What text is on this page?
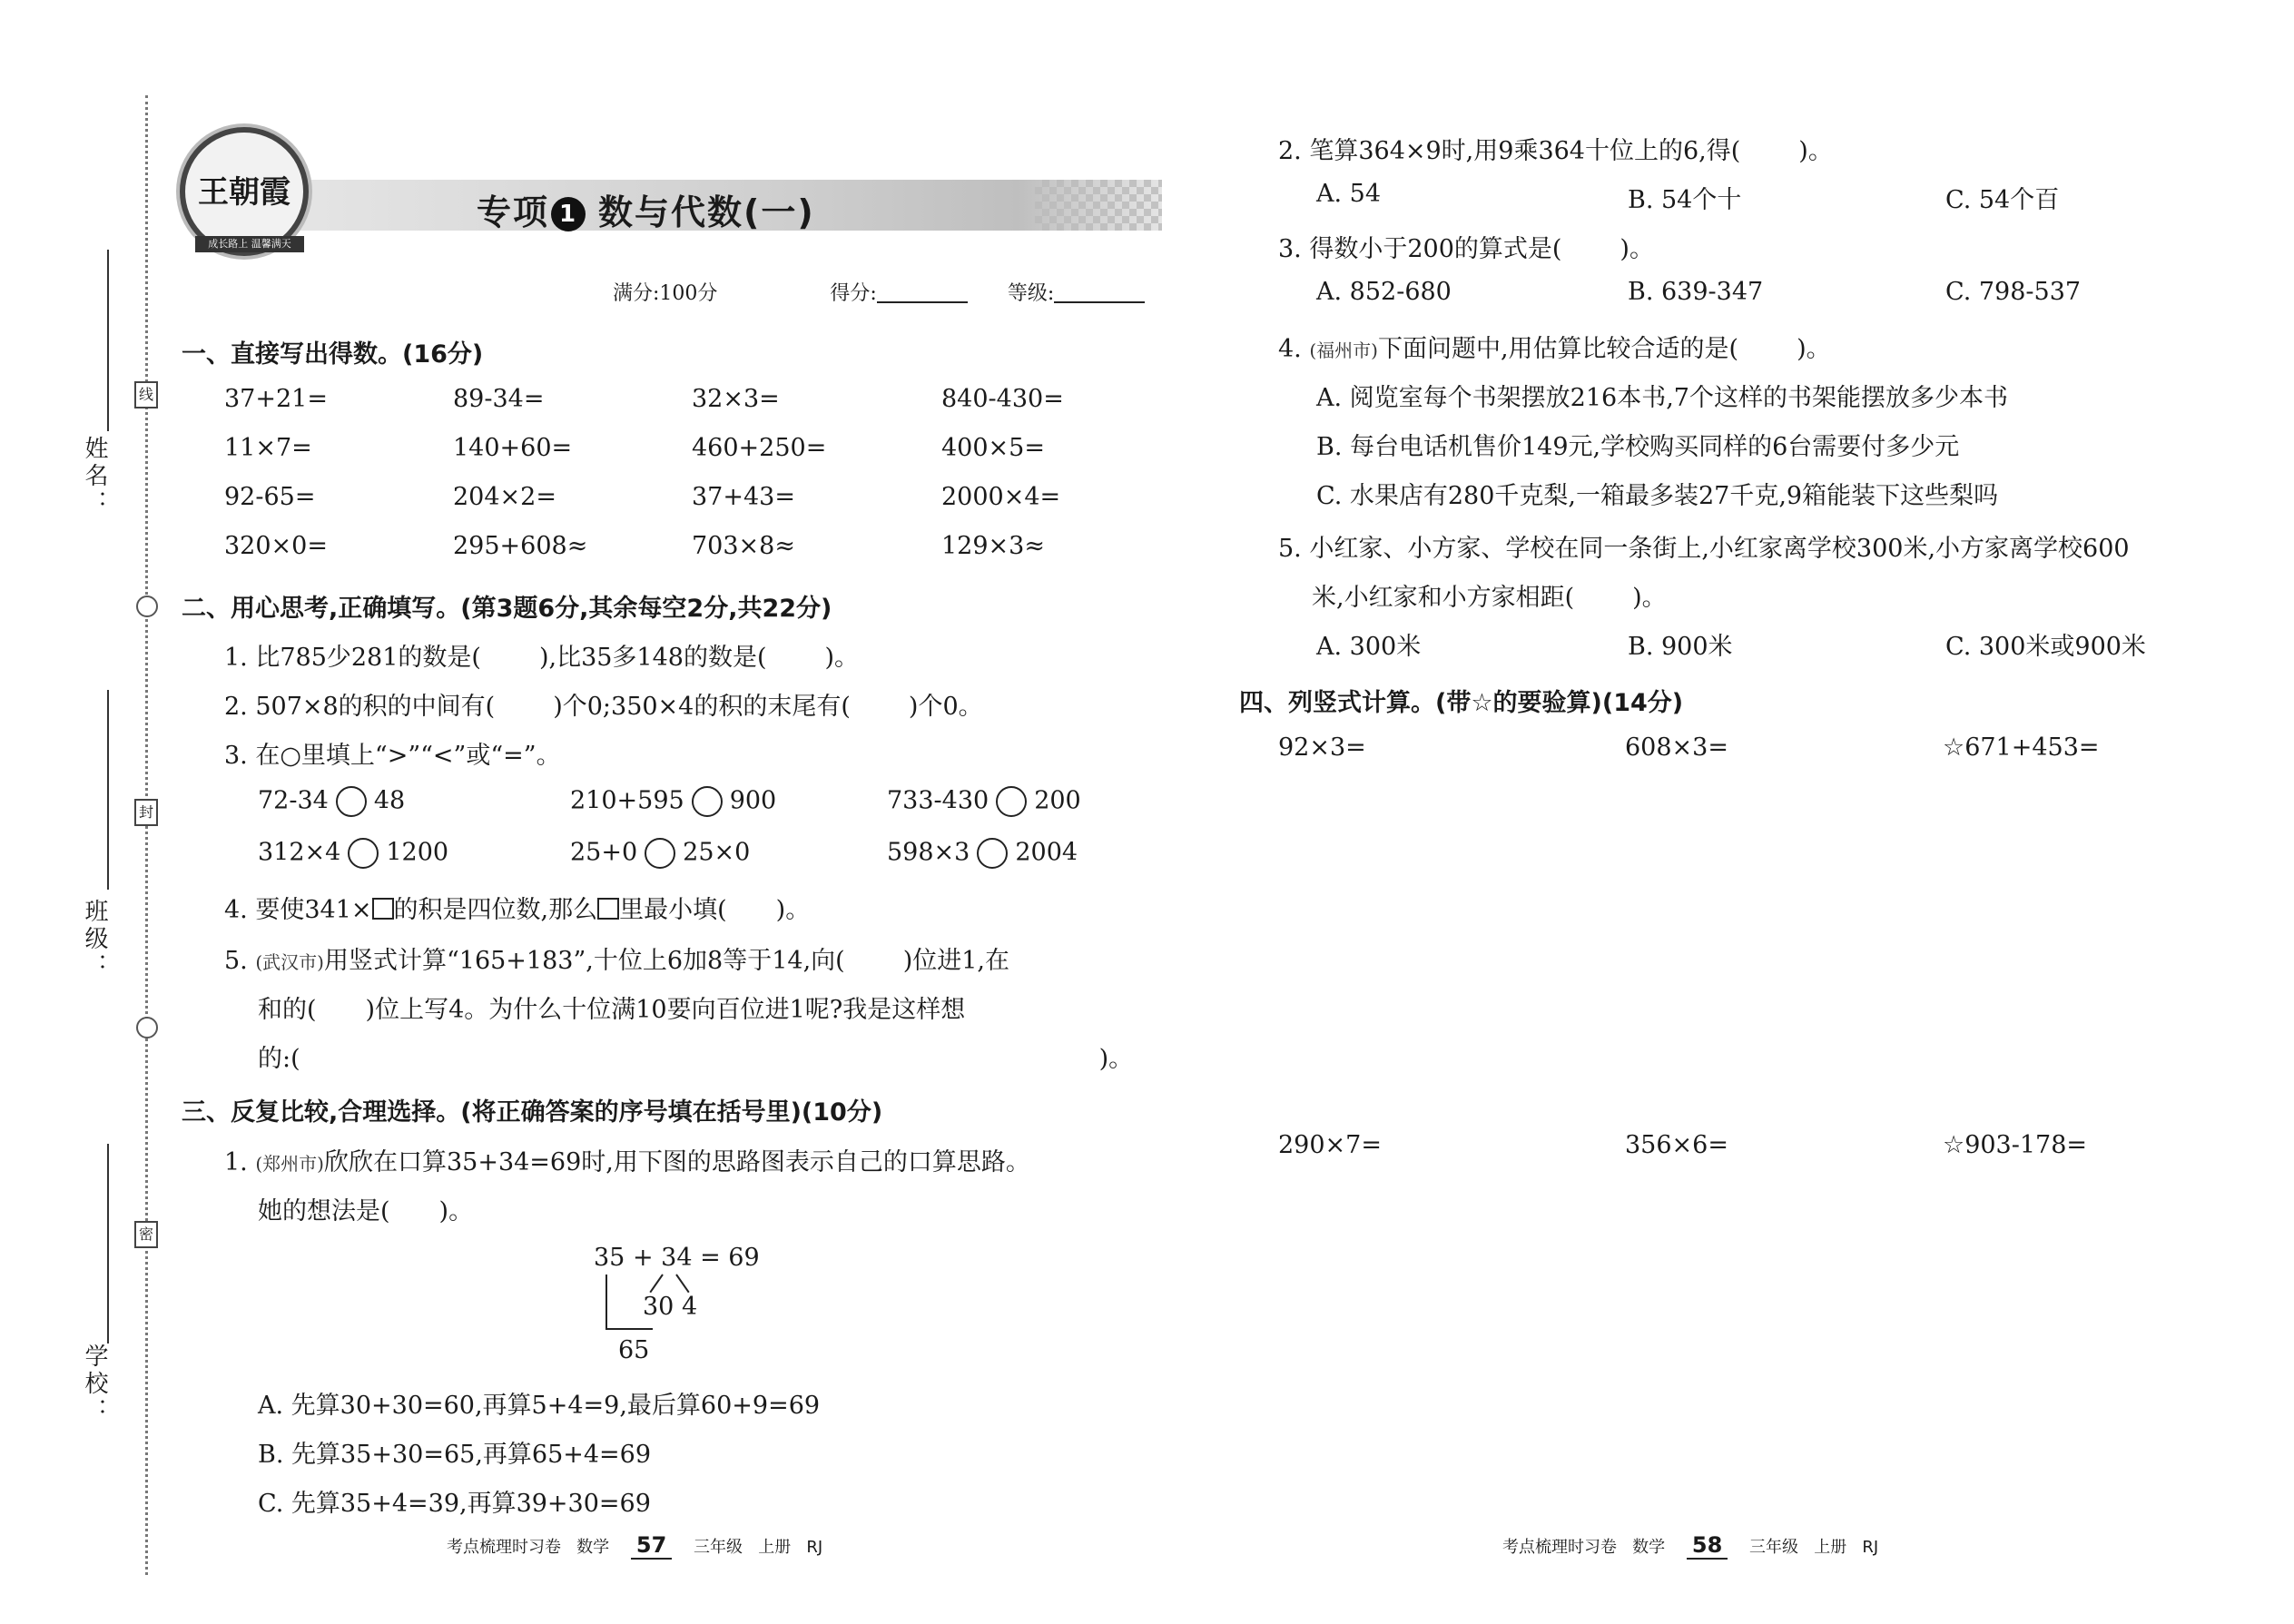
姓名：
班级：
学校：
线
封
密
王朝霞
成长路上 温馨满天
专项 1 数与代数(一)
满分:100分	得分:	等级:
一、直接写出得数。(16分)
37+21=	89-34=	32×3=	840-430=
11×7=	140+60=	460+250=	400×5=
92-65=	204×2=	37+43=	2000×4=
320×0=	295+608≈	703×8≈	129×3≈
二、用心思考,正确填写。(第3题6分,其余每空2分,共22分)
1. 比785少281的数是( ),比35多148的数是( )。
2. 507×8的积的中间有( )个0;350×4的积的末尾有( )个0。
3. 在○里填上“>”“<”或“=”。
72-34 48	210+595 900	733-430 200
312×4 1200	25+0 25×0	598×3 2004
4. 要使341× 的积是四位数,那么 里最小填( )。
5. (武汉市)用竖式计算“165+183”,十位上6加8等于14,向( )位进1,在
和的( )位上写4。为什么十位满10要向百位进1呢?我是这样想
的:(	)。
三、反复比较,合理选择。(将正确答案的序号填在括号里)(10分)
1. (郑州市)欣欣在口算35+34=69时,用下图的思路图表示自己的口算思路。
她的想法是( )。
35 + 34 = 69
30 4
65
A. 先算30+30=60,再算5+4=9,最后算60+9=69
B. 先算35+30=65,再算65+4=69
C. 先算35+4=39,再算39+30=69
2. 笔算364×9时,用9乘364十位上的6,得( )。
A. 54	B. 54个十	C. 54个百
3. 得数小于200的算式是( )。
A. 852-680	B. 639-347	C. 798-537
4. (福州市)下面问题中,用估算比较合适的是( )。
A. 阅览室每个书架摆放216本书,7个这样的书架能摆放多少本书
B. 每台电话机售价149元,学校购买同样的6台需要付多少元
C. 水果店有280千克梨,一箱最多装27千克,9箱能装下这些梨吗
5. 小红家、小方家、学校在同一条街上,小红家离学校300米,小方家离学校600
米,小红家和小方家相距( )。
A. 300米	B. 900米	C. 300米或900米
四、列竖式计算。(带☆的要验算)(14分)
92×3=	608×3=	☆671+453=
290×7=	356×6=	☆903-178=
考点梳理时习卷 数学 57 三年级 上册 RJ	考点梳理时习卷 数学 58 三年级 上册 RJ
